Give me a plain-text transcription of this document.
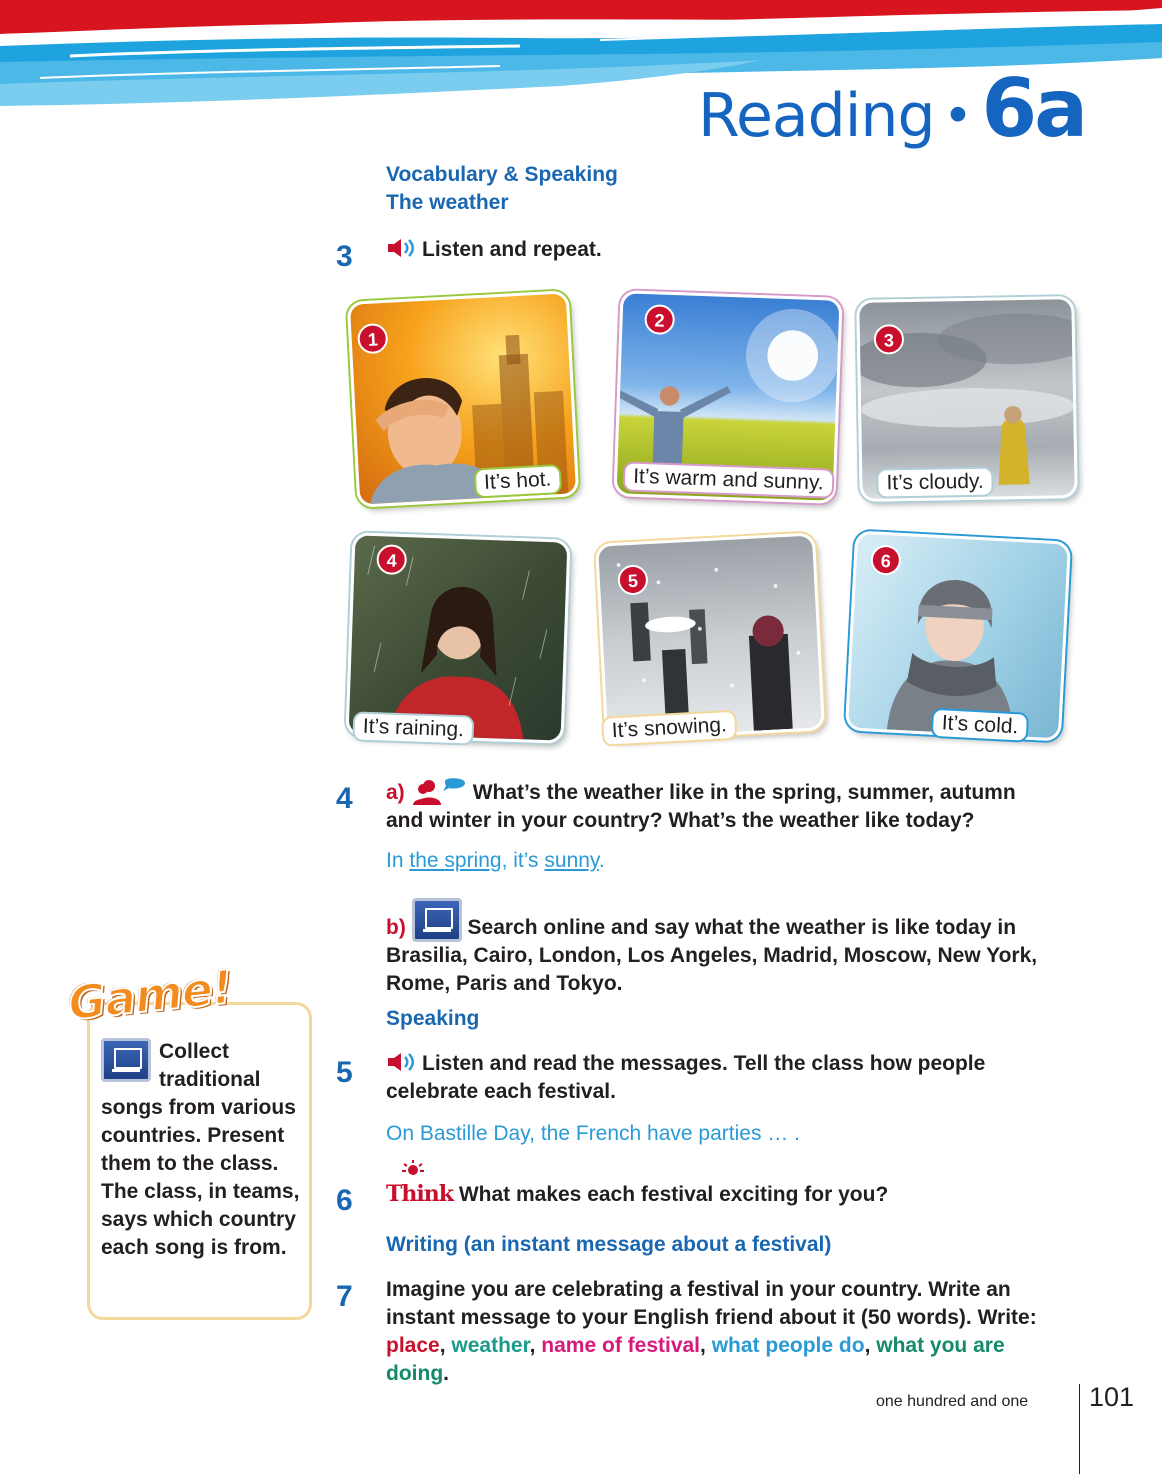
Reading • 6a
Vocabulary & Speaking
The weather
3	Listen and repeat.
1
It’s hot.
2
It’s warm and sunny.
3
It’s cloudy.
4
It’s raining.
5
It’s snowing.
6
It’s cold.
4 a)	What’s the weather like in the spring, summer, autumn
and winter in your country? What’s the weather like today?
In the spring, it’s sunny.
b)	Search online and say what the weather is like today in
Brasilia, Cairo, London, Los Angeles, Madrid, Moscow, New York,
Rome, Paris and Tokyo.
Speaking
5	Listen and read the messages. Tell the class how people
celebrate each festival.
On Bastille Day, the French have parties … .
6 Think What makes each festival exciting for you?
Writing (an instant message about a festival)
7 Imagine you are celebrating a festival in your country. Write an
instant message to your English friend about it (50 words). Write:
place, weather, name of festival, what people do, what you are
doing.
Game!
Collect traditional songs from various countries. Present them to the class. The class, in teams, says which country each song is from.
one hundred and one 101
